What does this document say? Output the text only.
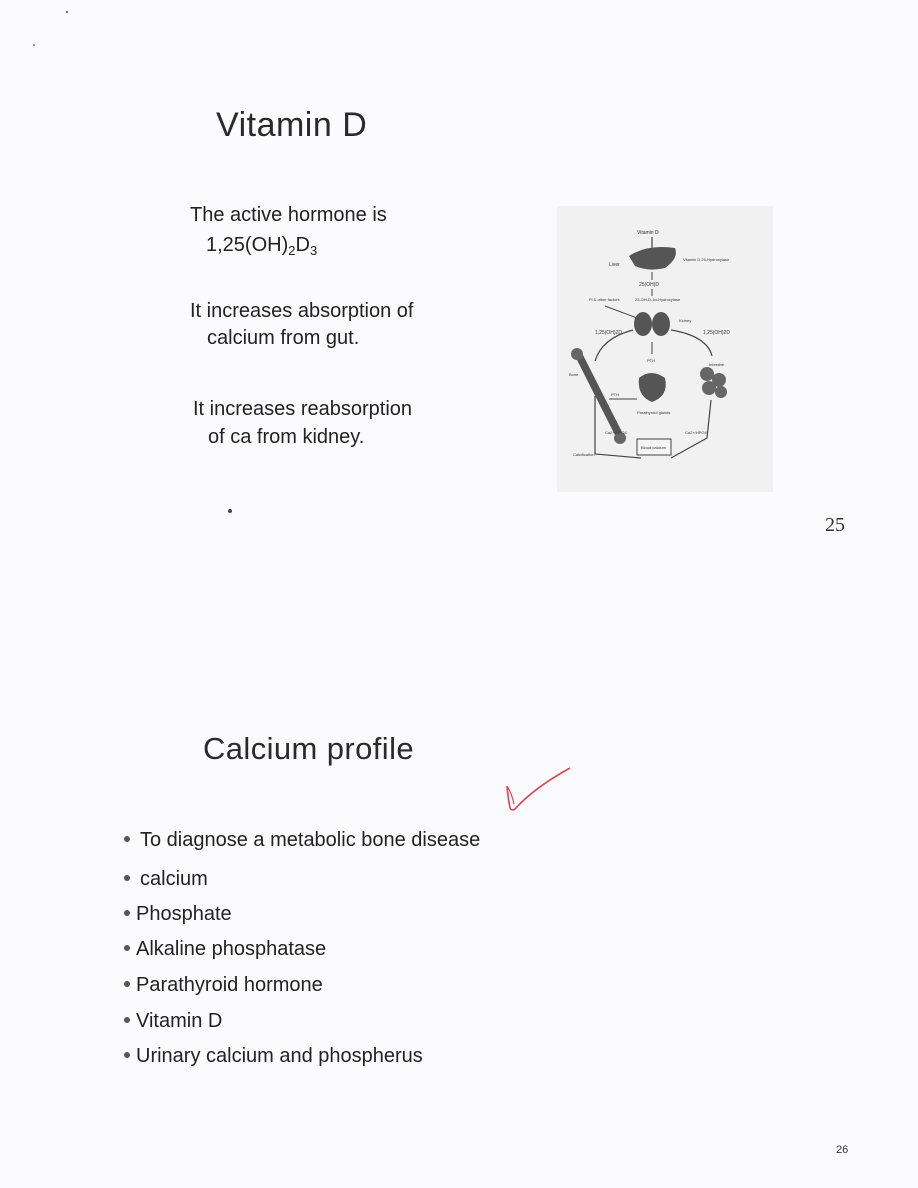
Vitamin D
The active hormone is
$1,25(OH)_2D_3$
It increases absorption of
calcium from gut.
It increases reabsorption
of ca from kidney.
25
Vitamin D
Liver
Vitamin D 25-Hydroxylase
25(OH)D
Pi & other factors	25-OH-D-1α-Hydroxylase
Kidney
1,25(OH)2D	1,25(OH)2D
PTH
Bone
PTH
Parathyroid glands
Intestine
Ca2+/HPO4	Ca2+/HPO4
Blood calcium
Calcification
Calcium profile
To diagnose a metabolic bone disease
calcium
Phosphate
Alkaline phosphatase
Parathyroid hormone
Vitamin D
Urinary calcium and phospherus
26
